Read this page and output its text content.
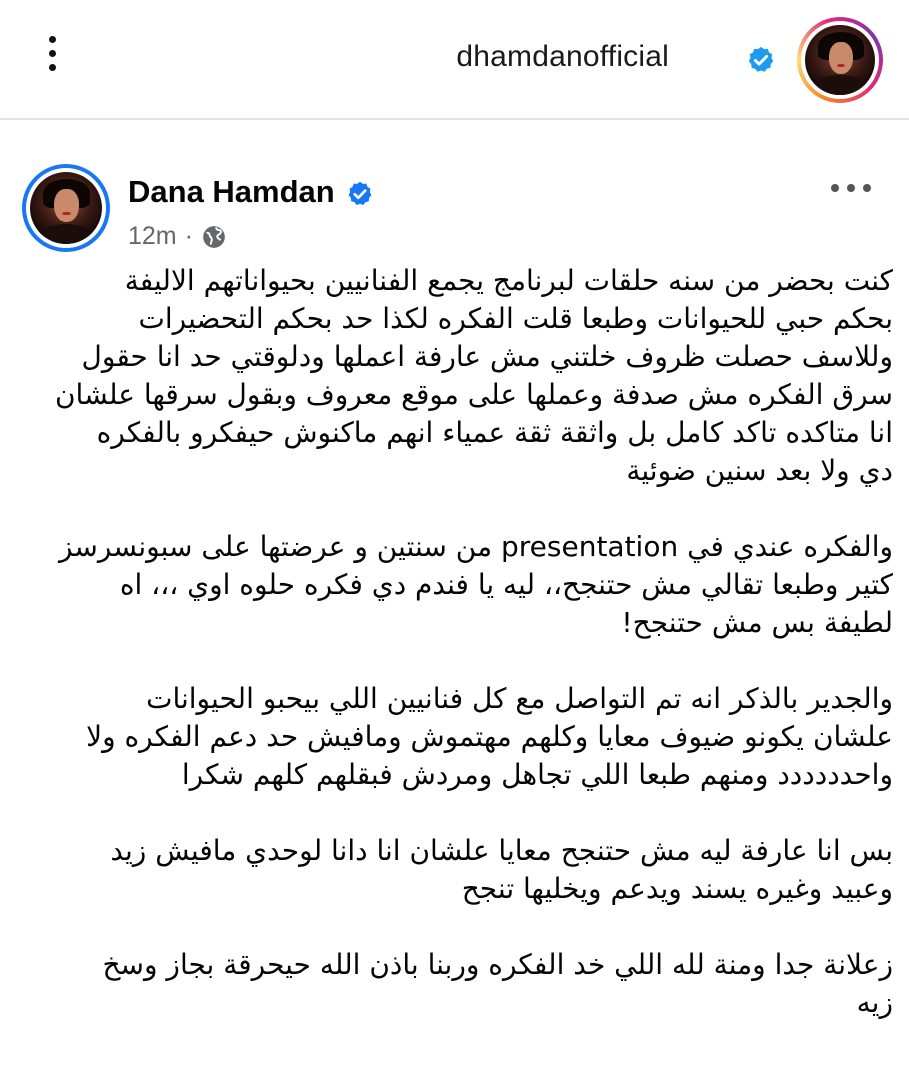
dhamdanofficial
Dana Hamdan
12m ·
كنت بحضر من سنه حلقات لبرنامج يجمع الفنانيين بحيواناتهم الاليفة
بحكم حبي للحيوانات وطبعا قلت الفكره لكذا حد بحكم التحضيرات
وللاسف حصلت ظروف خلتني مش عارفة اعملها ودلوقتي حد انا حقول
سرق الفكره مش صدفة وعملها على موقع معروف وبقول سرقها علشان
انا متاكده تاكد كامل بل واثقة ثقة عمياء انهم ماكنوش حيفكرو بالفكره
دي ولا بعد سنين ضوئية
والفكره عندي في presentation من سنتين و عرضتها على سبونسرسز
كتير وطبعا تقالي مش حتنجح،، ليه يا فندم دي فكره حلوه اوي ،،، اه
لطيفة بس مش حتنجح!
والجدير بالذكر انه تم التواصل مع كل فنانيين اللي بيحبو الحيوانات
علشان يكونو ضيوف معايا وكلهم مهتموش ومافيش حد دعم الفكره ولا
واحدددددد ومنهم طبعا اللي تجاهل ومردش فبقلهم كلهم شكرا
بس انا عارفة ليه مش حتنجح معايا علشان انا دانا لوحدي مافيش زيد
وعبيد وغيره يسند ويدعم ويخليها تنجح
زعلانة جدا ومنة لله اللي خد الفكره وربنا باذن الله حيحرقة بجاز وسخ
زيه
